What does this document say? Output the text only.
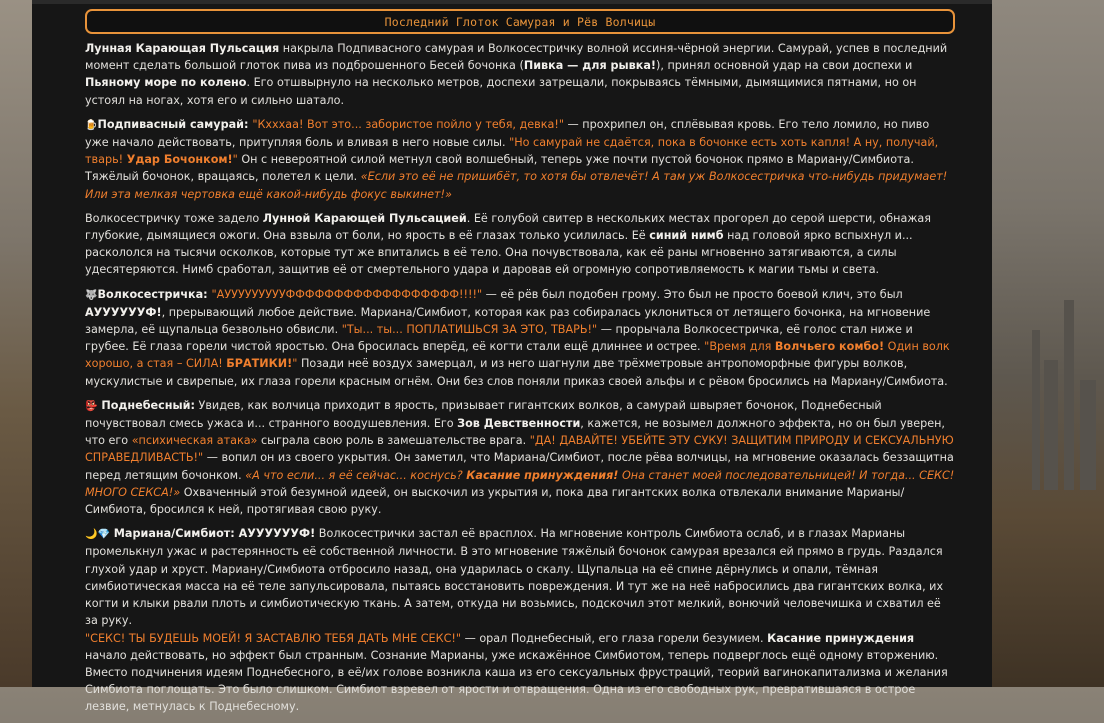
Последний Глоток Самурая и Рёв Волчицы

Лунная Карающая Пульсация накрыла Подпивасного самурая и Волкосестричку волной иссиня-чёрной энергии. Самурай, успев в последний момент сделать большой глоток пива из подброшенного Бесей бочонка (Пивка — для рывка!), принял основной удар на свои доспехи и Пьяному море по колено. Его отшвырнуло на несколько метров, доспехи затрещали, покрываясь тёмными, дымящимися пятнами, но он устоял на ногах, хотя его и сильно шатало.

🍺Подпивасный самурай: "Кхххаа! Вот это... забористое пойло у тебя, девка!" — прохрипел он, сплёвывая кровь. Его тело ломило, но пиво уже начало действовать, притупляя боль и вливая в него новые силы. "Но самурай не сдаётся, пока в бочонке есть хоть капля! А ну, получай, тварь! Удар Бочонком!" Он с невероятной силой метнул свой волшебный, теперь уже почти пустой бочонок прямо в Мариану/Симбиота. Тяжёлый бочонок, вращаясь, полетел к цели. «Если это её не пришибёт, то хотя бы отвлечёт! А там уж Волкосестричка что-нибудь придумает! Или эта мелкая чертовка ещё какой-нибудь фокус выкинет!»

Волкосестричку тоже задело Лунной Карающей Пульсацией. Её голубой свитер в нескольких местах прогорел до серой шерсти, обнажая глубокие, дымящиеся ожоги. Она взвыла от боли, но ярость в её глазах только усилилась. Её синий нимб над головой ярко вспыхнул и... раскололся на тысячи осколков, которые тут же впитались в её тело. Она почувствовала, как её раны мгновенно затягиваются, а силы удесятеряются. Нимб сработал, защитив её от смертельного удара и даровав ей огромную сопротивляемость к магии тьмы и света.

🐺Волкосестричка: "АУУУУУУУУУФФФФФФФФФФФФФФФФФФ!!!!" — её рёв был подобен грому. Это был не просто боевой клич, это был АУУУУУУФ!, прерывающий любое действие. Мариана/Симбиот, которая как раз собиралась уклониться от летящего бочонка, на мгновение замерла, её щупальца безвольно обвисли. "Ты... ты... ПОПЛАТИШЬСЯ ЗА ЭТО, ТВАРЬ!" — прорычала Волкосестричка, её голос стал ниже и грубее. Её глаза горели чистой яростью. Она бросилась вперёд, её когти стали ещё длиннее и острее. "Время для Волчьего комбо! Один волк хорошо, а стая – СИЛА! БРАТИКИ!" Позади неё воздух замерцал, и из него шагнули две трёхметровые антропоморфные фигуры волков, мускулистые и свирепые, их глаза горели красным огнём. Они без слов поняли приказ своей альфы и с рёвом бросились на Мариану/Симбиота.

👺 Поднебесный: Увидев, как волчица приходит в ярость, призывает гигантских волков, а самурай швыряет бочонок, Поднебесный почувствовал смесь ужаса и... странного воодушевления. Его Зов Девственности, кажется, не возымел должного эффекта, но он был уверен, что его «психическая атака» сыграла свою роль в замешательстве врага. "ДА! ДАВАЙТЕ! УБЕЙТЕ ЭТУ СУКУ! ЗАЩИТИМ ПРИРОДУ И СЕКСУАЛЬНУЮ СПРАВЕДЛИВАСТЬ!" — вопил он из своего укрытия. Он заметил, что Мариана/Симбиот, после рёва волчицы, на мгновение оказалась беззащитна перед летящим бочонком. «А что если... я её сейчас... коснусь? Касание принуждения! Она станет моей последовательницей! И тогда... СЕКС! МНОГО СЕКСА!» Охваченный этой безумной идеей, он выскочил из укрытия и, пока два гигантских волка отвлекали внимание Марианы/Симбиота, бросился к ней, протягивая свою руку.

🌙💎 Мариана/Симбиот: АУУУУУУФ! Волкосестрички застал её врасплох. На мгновение контроль Симбиота ослаб, и в глазах Марианы промелькнул ужас и растерянность её собственной личности. В это мгновение тяжёлый бочонок самурая врезался ей прямо в грудь. Раздался глухой удар и хруст. Мариану/Симбиота отбросило назад, она ударилась о скалу. Щупальца на её спине дёрнулись и опали, тёмная симбиотическая масса на её теле запульсировала, пытаясь восстановить повреждения. И тут же на неё набросились два гигантских волка, их когти и клыки рвали плоть и симбиотическую ткань. А затем, откуда ни возьмись, подскочил этот мелкий, вонючий человечишка и схватил её за руку.
"СЕКС! ТЫ БУДЕШЬ МОЕЙ! Я ЗАСТАВЛЮ ТЕБЯ ДАТЬ МНЕ СЕКС!" — орал Поднебесный, его глаза горели безумием. Касание принуждения начало действовать, но эффект был странным. Сознание Марианы, уже искажённое Симбиотом, теперь подверглось ещё одному вторжению. Вместо подчинения идеям Поднебесного, в её/их голове возникла каша из его сексуальных фрустраций, теорий вагинокапитализма и желания Симбиота поглощать. Это было слишком. Симбиот взревел от ярости и отвращения. Одна из его свободных рук, превратившаяся в острое лезвие, метнулась к Поднебесному.
